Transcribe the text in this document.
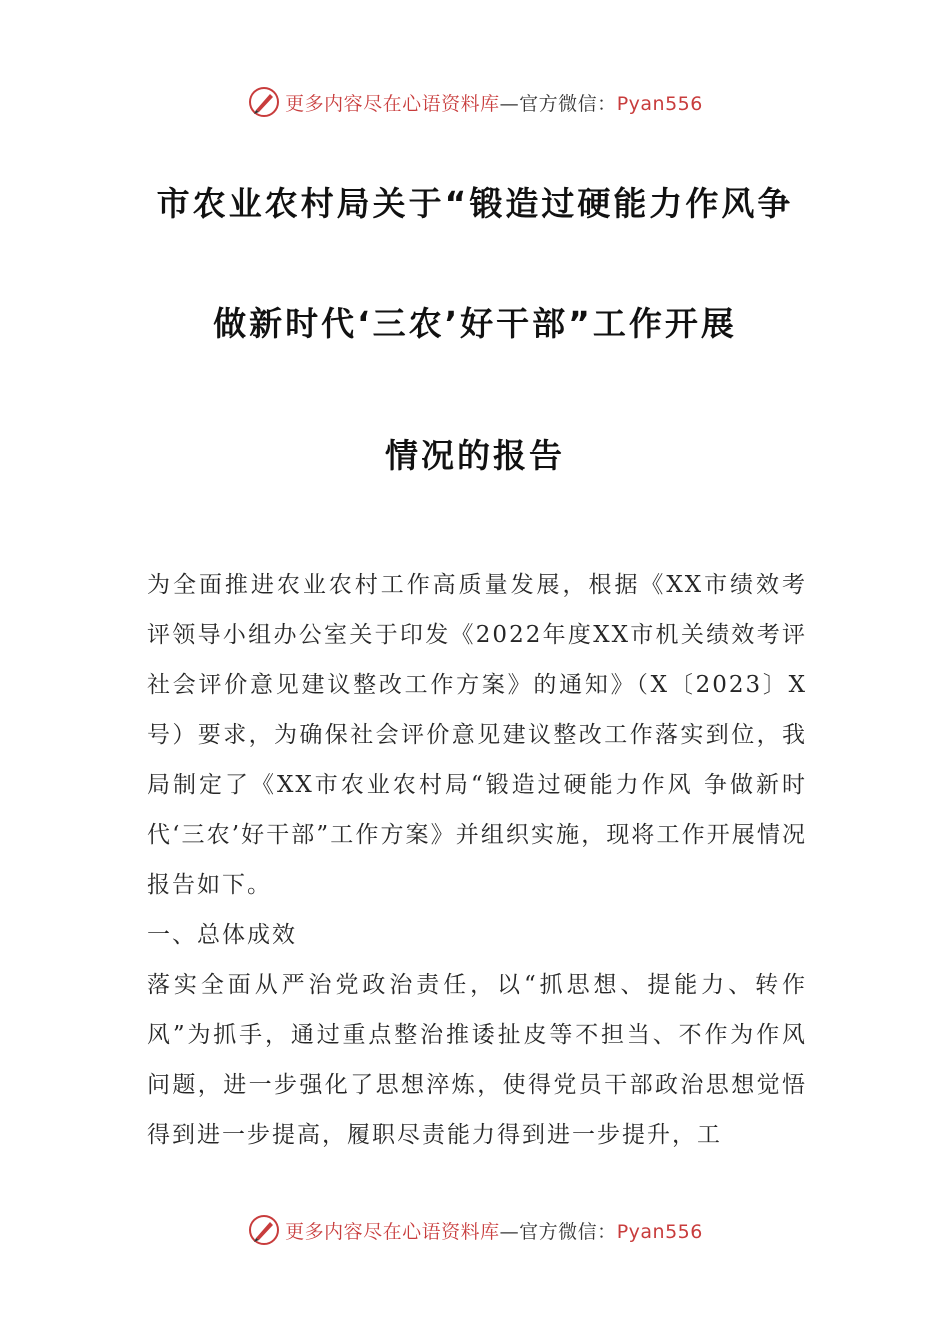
更多内容尽在心语资料库—官方微信：Pyan556
市农业农村局关于“锻造过硬能力作风争
做新时代‘三农’好干部”工作开展
情况的报告

为全面推进农业农村工作高质量发展，根据《XX市绩效考评领导小组办公室关于印发《2022年度XX市机关绩效考评社会评价意见建议整改工作方案》的通知》（X〔2023〕X号）要求，为确保社会评价意见建议整改工作落实到位，我局制定了《XX市农业农村局“锻造过硬能力作风 争做新时代‘三农’好干部”工作方案》并组织实施，现将工作开展情况报告如下。

一、总体成效

落实全面从严治党政治责任，以“抓思想、提能力、转作风”为抓手，通过重点整治推诿扯皮等不担当、不作为作风问题，进一步强化了思想淬炼，使得党员干部政治思想觉悟得到进一步提高，履职尽责能力得到进一步提升，工

更多内容尽在心语资料库—官方微信：Pyan556
